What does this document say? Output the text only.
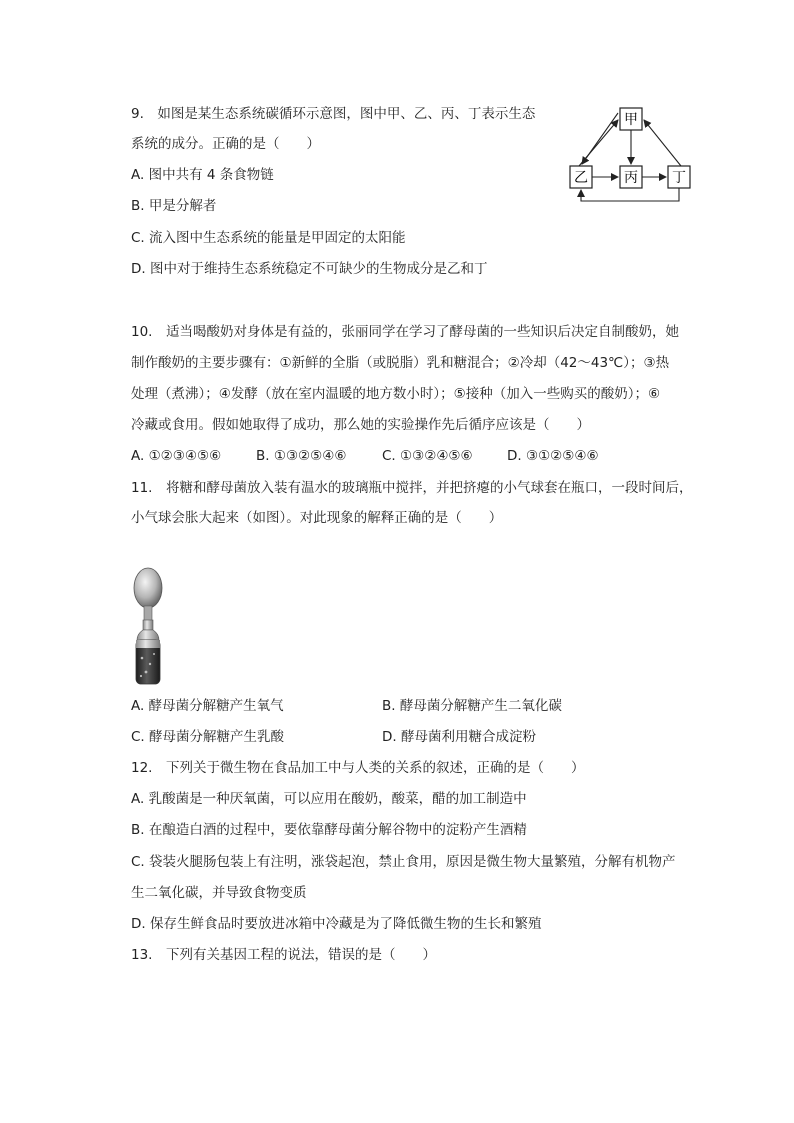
9.　如图是某生态系统碳循环示意图，图中甲、乙、丙、丁表示生态
系统的成分。正确的是（　　）
A. 图中共有 4 条食物链
B. 甲是分解者
C. 流入图中生态系统的能量是甲固定的太阳能
D. 图中对于维持生态系统稳定不可缺少的生物成分是乙和丁
甲
乙	丙 丁
10.　适当喝酸奶对身体是有益的，张丽同学在学习了酵母菌的一些知识后决定自制酸奶，她
制作酸奶的主要步骤有：①新鲜的全脂（或脱脂）乳和糖混合；②冷却（42～43℃）；③热
处理（煮沸）；④发酵（放在室内温暖的地方数小时）；⑤接种（加入一些购买的酸奶）；⑥
冷藏或食用。假如她取得了成功，那么她的实验操作先后循序应该是（　　）
A. ①②③④⑤⑥	B. ①③②⑤④⑥	C. ①③②④⑤⑥	D. ③①②⑤④⑥
11.　将糖和酵母菌放入装有温水的玻璃瓶中搅拌，并把挤瘪的小气球套在瓶口，一段时间后，
小气球会胀大起来（如图）。对此现象的解释正确的是（　　）
A. 酵母菌分解糖产生氧气	B. 酵母菌分解糖产生二氧化碳
C. 酵母菌分解糖产生乳酸	D. 酵母菌利用糖合成淀粉
12.　下列关于微生物在食品加工中与人类的关系的叙述，正确的是（　　）
A. 乳酸菌是一种厌氧菌，可以应用在酸奶，酸菜，醋的加工制造中
B. 在酿造白酒的过程中，要依靠酵母菌分解谷物中的淀粉产生酒精
C. 袋装火腿肠包装上有注明，涨袋起泡，禁止食用，原因是微生物大量繁殖，分解有机物产
生二氧化碳，并导致食物变质
D. 保存生鲜食品时要放进冰箱中冷藏是为了降低微生物的生长和繁殖
13.　下列有关基因工程的说法，错误的是（　　）
